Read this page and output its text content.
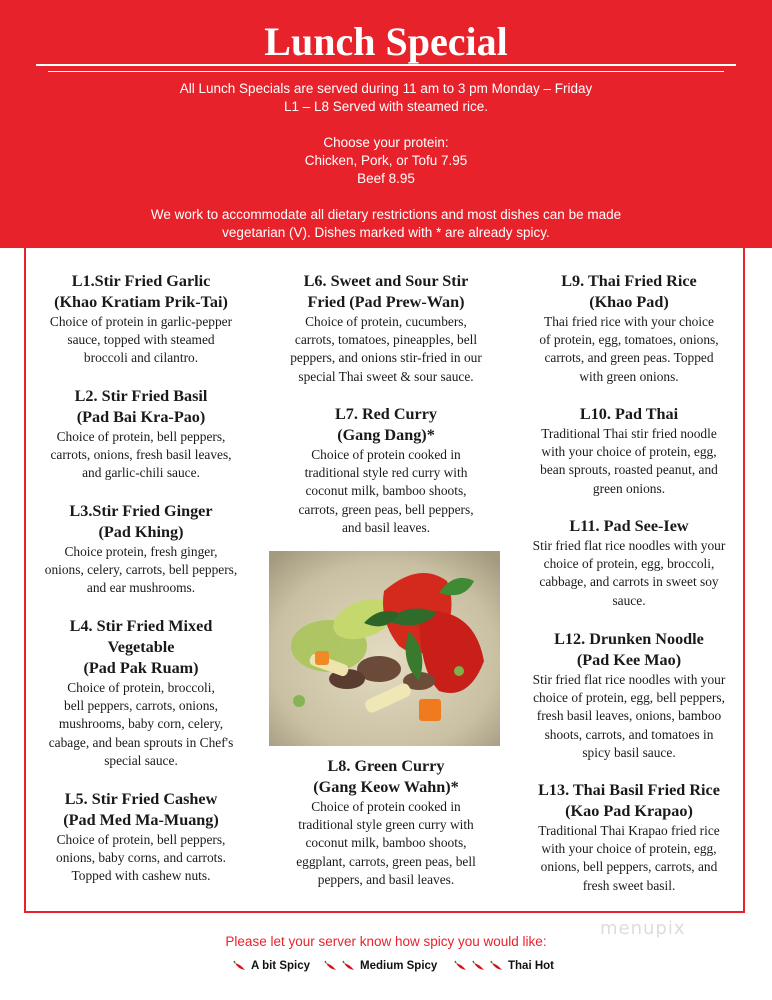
Lunch Special
All Lunch Specials are served during 11 am to 3 pm Monday – Friday
L1 – L8 Served with steamed rice.
Choose your protein:
Chicken, Pork, or Tofu 7.95
Beef 8.95
We work to accommodate all dietary restrictions and most dishes can be made
vegetarian (V). Dishes marked with * are already spicy.
L1.Stir Fried Garlic
(Khao Kratiam Prik-Tai)
Choice of protein in garlic-pepper
sauce, topped with steamed
broccoli and cilantro.
L2. Stir Fried Basil
(Pad Bai Kra-Pao)
Choice of protein, bell peppers,
carrots, onions, fresh basil leaves,
and garlic-chili sauce.
L3.Stir Fried Ginger
(Pad Khing)
Choice protein, fresh ginger,
onions, celery, carrots, bell peppers,
and ear mushrooms.
L4. Stir Fried Mixed
Vegetable
(Pad Pak Ruam)
Choice of protein, broccoli,
bell peppers, carrots, onions,
mushrooms, baby corn, celery,
cabage, and bean sprouts in Chef's
special sauce.
L5. Stir Fried Cashew
(Pad Med Ma-Muang)
Choice of protein, bell peppers,
onions, baby corns, and carrots.
Topped with cashew nuts.
L6. Sweet and Sour Stir
Fried (Pad Prew-Wan)
Choice of protein, cucumbers,
carrots, tomatoes, pineapples, bell
peppers, and onions stir-fried in our
special Thai sweet & sour sauce.
L7. Red Curry
(Gang Dang)*
Choice of protein cooked in
traditional style red curry with
coconut milk, bamboo shoots,
carrots, green peas, bell peppers,
and basil leaves.
L8. Green Curry
(Gang Keow Wahn)*
Choice of protein cooked in
traditional style green curry with
coconut milk, bamboo shoots,
eggplant, carrots, green peas, bell
peppers, and basil leaves.
L9. Thai Fried Rice
(Khao Pad)
Thai fried rice with your choice
of protein, egg, tomatoes, onions,
carrots, and green peas. Topped
with green onions.
L10. Pad Thai
Traditional Thai stir fried noodle
with your choice of protein, egg,
bean sprouts, roasted peanut, and
green onions.
L11. Pad See-Iew
Stir fried flat rice noodles with your
choice of protein, egg, broccoli,
cabbage, and carrots in sweet soy
sauce.
L12. Drunken Noodle
(Pad Kee Mao)
Stir fried flat rice noodles with your
choice of protein, egg, bell peppers,
fresh basil leaves, onions, bamboo
shoots, carrots, and tomatoes in
spicy basil sauce.
L13. Thai Basil Fried Rice
(Kao Pad Krapao)
Traditional Thai Krapao fried rice
with your choice of protein, egg,
onions, bell peppers, carrots, and
fresh sweet basil.
menupix
Please let your server know how spicy you would like:
A bit Spicy	Medium Spicy	Thai Hot
